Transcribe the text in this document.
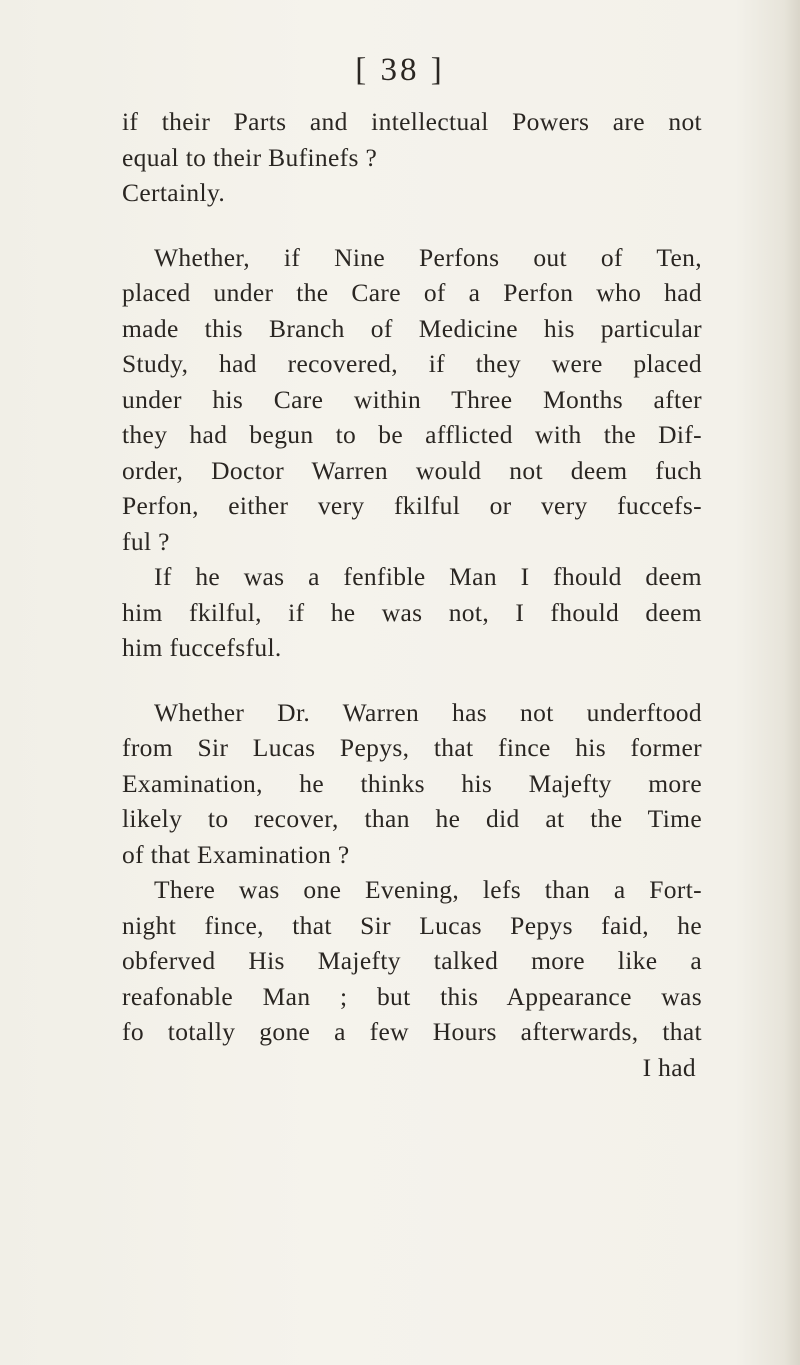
[ 38 ]
if their Parts and intellectual Powers are not
equal to their Bufinefs ?
Certainly.
Whether, if Nine Perfons out of Ten,
placed under the Care of a Perfon who had
made this Branch of Medicine his particular
Study, had recovered, if they were placed
under his Care within Three Months after
they had begun to be afflicted with the Dif-
order, Doctor Warren would not deem fuch
Perfon, either very fkilful or very fuccefs-
ful ?
If he was a fenfible Man I fhould deem
him fkilful, if he was not, I fhould deem
him fuccefsful.
Whether Dr. Warren has not underftood
from Sir Lucas Pepys, that fince his former
Examination, he thinks his Majefty more
likely to recover, than he did at the Time
of that Examination ?
There was one Evening, lefs than a Fort-
night fince, that Sir Lucas Pepys faid, he
obferved His Majefty talked more like a
reafonable Man ; but this Appearance was
fo totally gone a few Hours afterwards, that
I had
